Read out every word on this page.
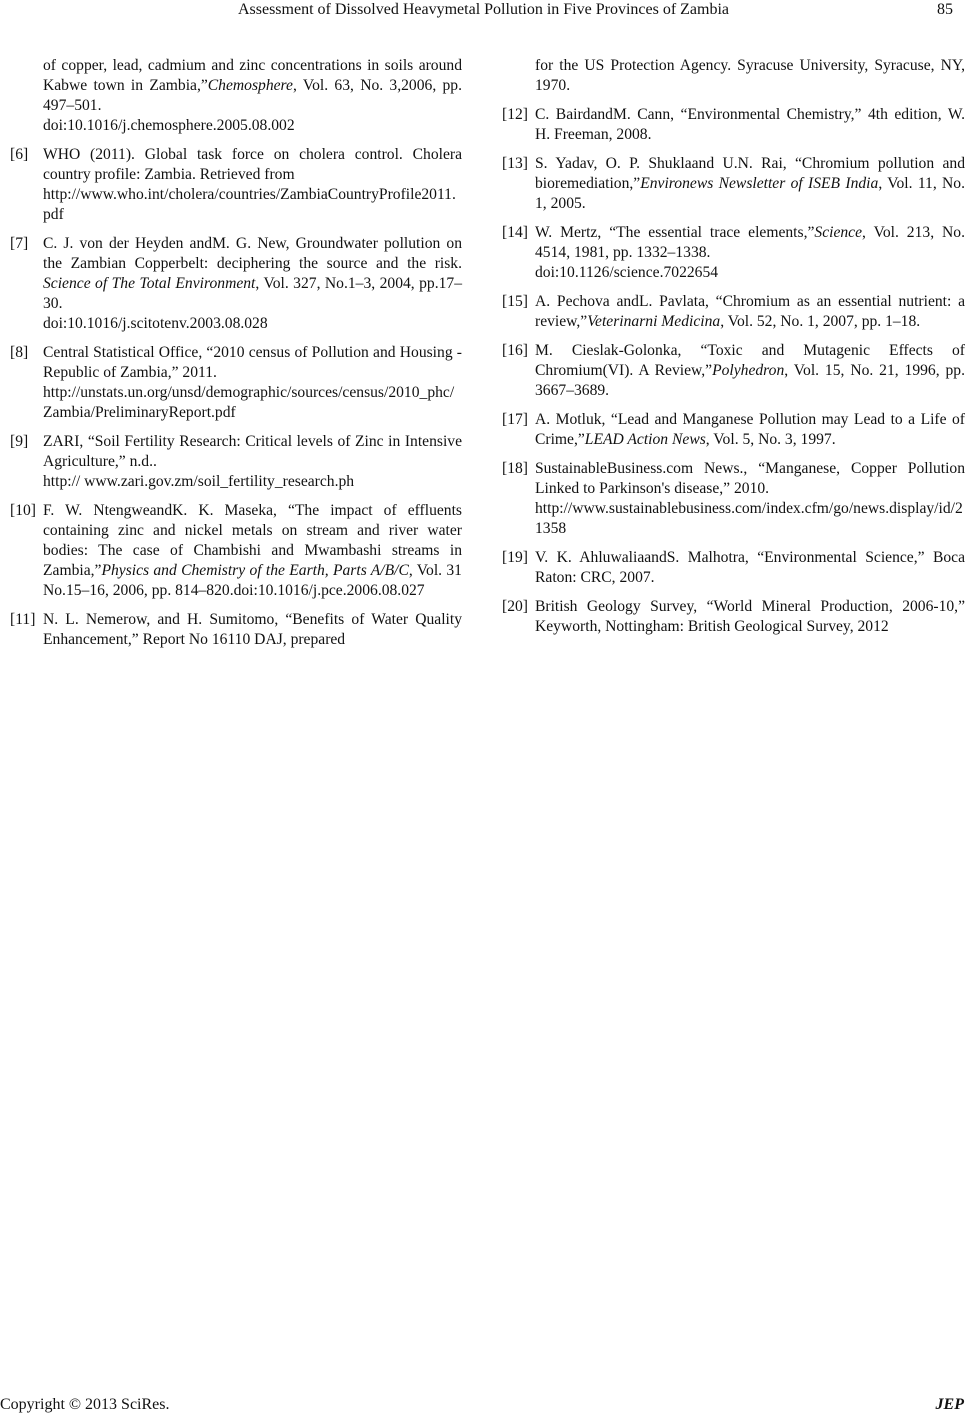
Assessment of Dissolved Heavymetal Pollution in Five Provinces of Zambia	85
of copper, lead, cadmium and zinc concentrations in soils around Kabwe town in Zambia,”Chemosphere, Vol. 63, No. 3,2006, pp. 497–501.
doi:10.1016/j.chemosphere.2005.08.002
[6] WHO (2011). Global task force on cholera control. Cholera country profile: Zambia. Retrieved from
http://www.who.int/cholera/countries/ZambiaCountryProfile2011.pdf
[7] C. J. von der Heyden andM. G. New, Groundwater pollution on the Zambian Copperbelt: deciphering the source and the risk. Science of The Total Environment, Vol. 327, No.1–3, 2004, pp.17–30.
doi:10.1016/j.scitotenv.2003.08.028
[8] Central Statistical Office, “2010 census of Pollution and Housing - Republic of Zambia,” 2011.
http://unstats.un.org/unsd/demographic/sources/census/2010_phc/Zambia/PreliminaryReport.pdf
[9] ZARI, “Soil Fertility Research: Critical levels of Zinc in Intensive Agriculture,” n.d..
http:// www.zari.gov.zm/soil_fertility_research.ph
[10] F. W. NtengweandK. K. Maseka, “The impact of effluents containing zinc and nickel metals on stream and river water bodies: The case of Chambishi and Mwambashi streams in Zambia,”Physics and Chemistry of the Earth, Parts A/B/C, Vol. 31 No.15–16, 2006, pp. 814–820.doi:10.1016/j.pce.2006.08.027
[11] N. L. Nemerow, and H. Sumitomo, “Benefits of Water Quality Enhancement,” Report No 16110 DAJ, prepared
for the US Protection Agency. Syracuse University, Syracuse, NY, 1970.
[12] C. BairdandM. Cann, “Environmental Chemistry,” 4th edition, W. H. Freeman, 2008.
[13] S. Yadav, O. P. Shuklaand U.N. Rai, “Chromium pollution and bioremediation,”Environews Newsletter of ISEB India, Vol. 11, No. 1, 2005.
[14] W. Mertz, “The essential trace elements,”Science, Vol. 213, No. 4514, 1981, pp. 1332–1338.
doi:10.1126/science.7022654
[15] A. Pechova andL. Pavlata, “Chromium as an essential nutrient: a review,”Veterinarni Medicina, Vol. 52, No. 1, 2007, pp. 1–18.
[16] M. Cieslak-Golonka, “Toxic and Mutagenic Effects of Chromium(VI). A Review,”Polyhedron, Vol. 15, No. 21, 1996, pp. 3667–3689.
[17] A. Motluk, “Lead and Manganese Pollution may Lead to a Life of Crime,”LEAD Action News, Vol. 5, No. 3, 1997.
[18] SustainableBusiness.com News., “Manganese, Copper Pollution Linked to Parkinson's disease,” 2010.
http://www.sustainablebusiness.com/index.cfm/go/news.display/id/21358
[19] V. K. AhluwaliaandS. Malhotra, “Environmental Science,” Boca Raton: CRC, 2007.
[20] British Geology Survey, “World Mineral Production, 2006-10,” Keyworth, Nottingham: British Geological Survey, 2012
Copyright © 2013 SciRes.	JEP
